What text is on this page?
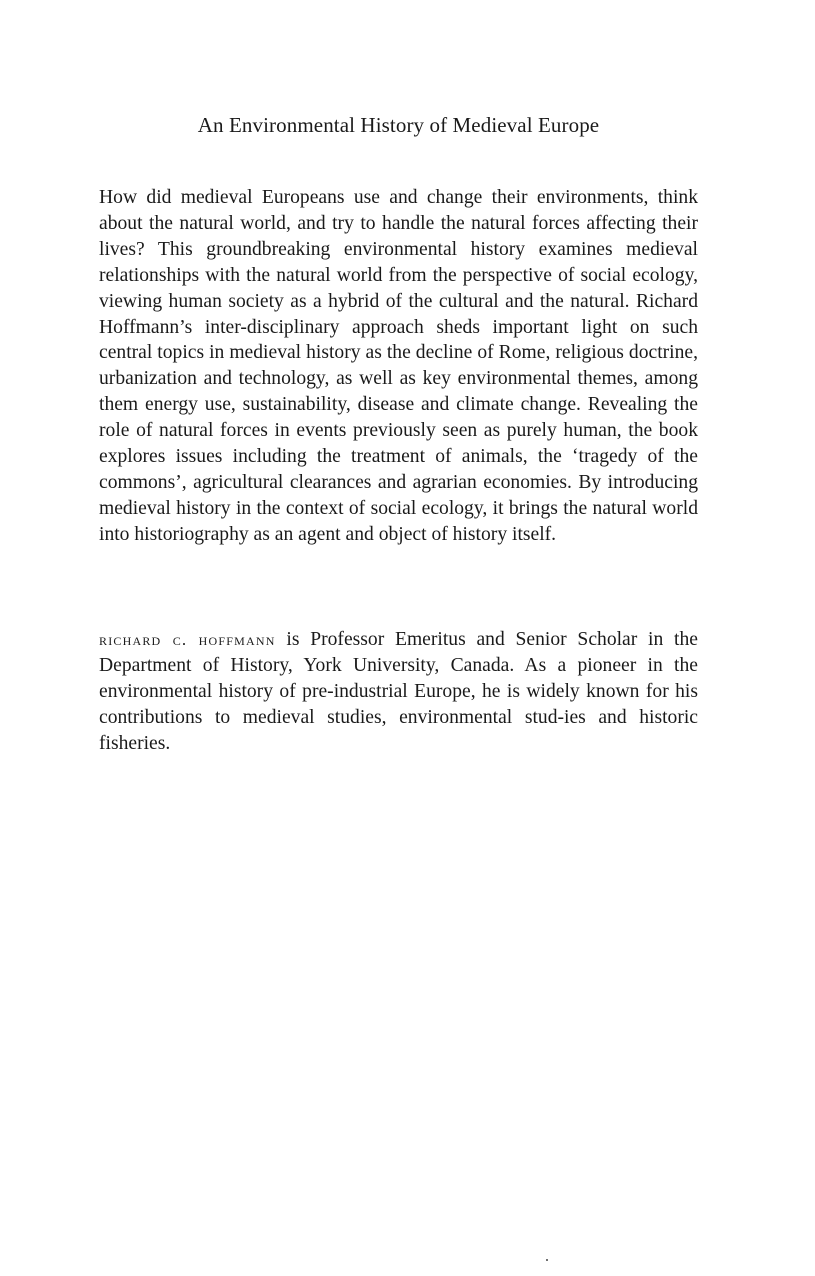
An Environmental History of Medieval Europe

How did medieval Europeans use and change their environments, think about the natural world, and try to handle the natural forces affecting their lives? This groundbreaking environmental history examines medieval relationships with the natural world from the perspective of social ecology, viewing human society as a hybrid of the cultural and the natural. Richard Hoffmann’s inter-disciplinary approach sheds important light on such central topics in medieval history as the decline of Rome, religious doctrine, urbanization and technology, as well as key environmental themes, among them energy use, sustainability, disease and climate change. Revealing the role of natural forces in events previously seen as purely human, the book explores issues including the treatment of animals, the ‘tragedy of the commons’, agricultural clearances and agrarian economies. By introducing medieval history in the context of social ecology, it brings the natural world into historiography as an agent and object of history itself.

richard c. hoffmann is Professor Emeritus and Senior Scholar in the Department of History, York University, Canada. As a pioneer in the environmental history of pre-industrial Europe, he is widely known for his contributions to medieval studies, environmental stud-ies and historic fisheries.
